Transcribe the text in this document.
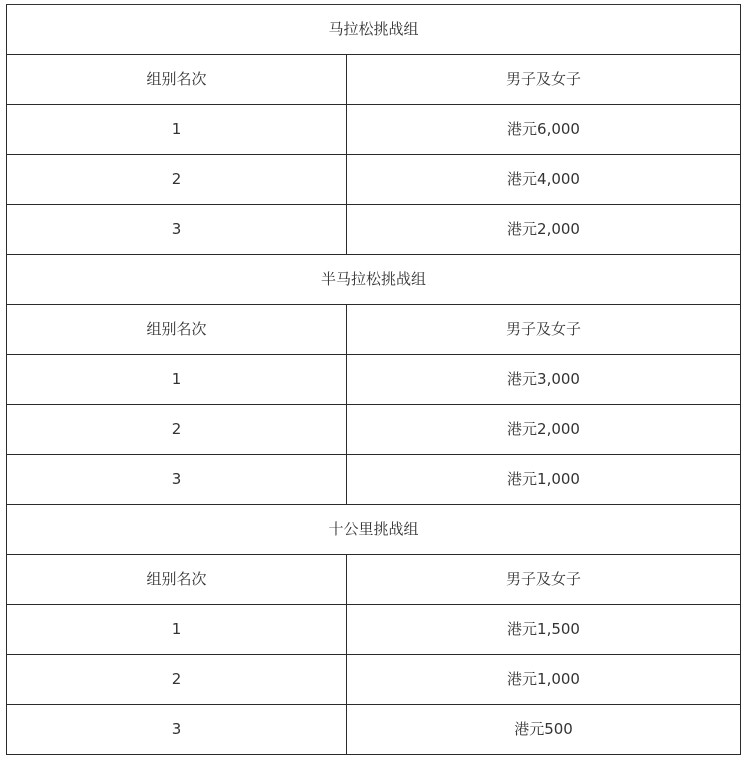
马拉松挑战组	
组别名次	男子及女子
1	港元6,000
2	港元4,000
3	港元2,000
半马拉松挑战组	
组别名次	男子及女子
1	港元3,000
2	港元2,000
3	港元1,000
十公里挑战组	
组别名次	男子及女子
1	港元1,500
2	港元1,000
3	港元500
